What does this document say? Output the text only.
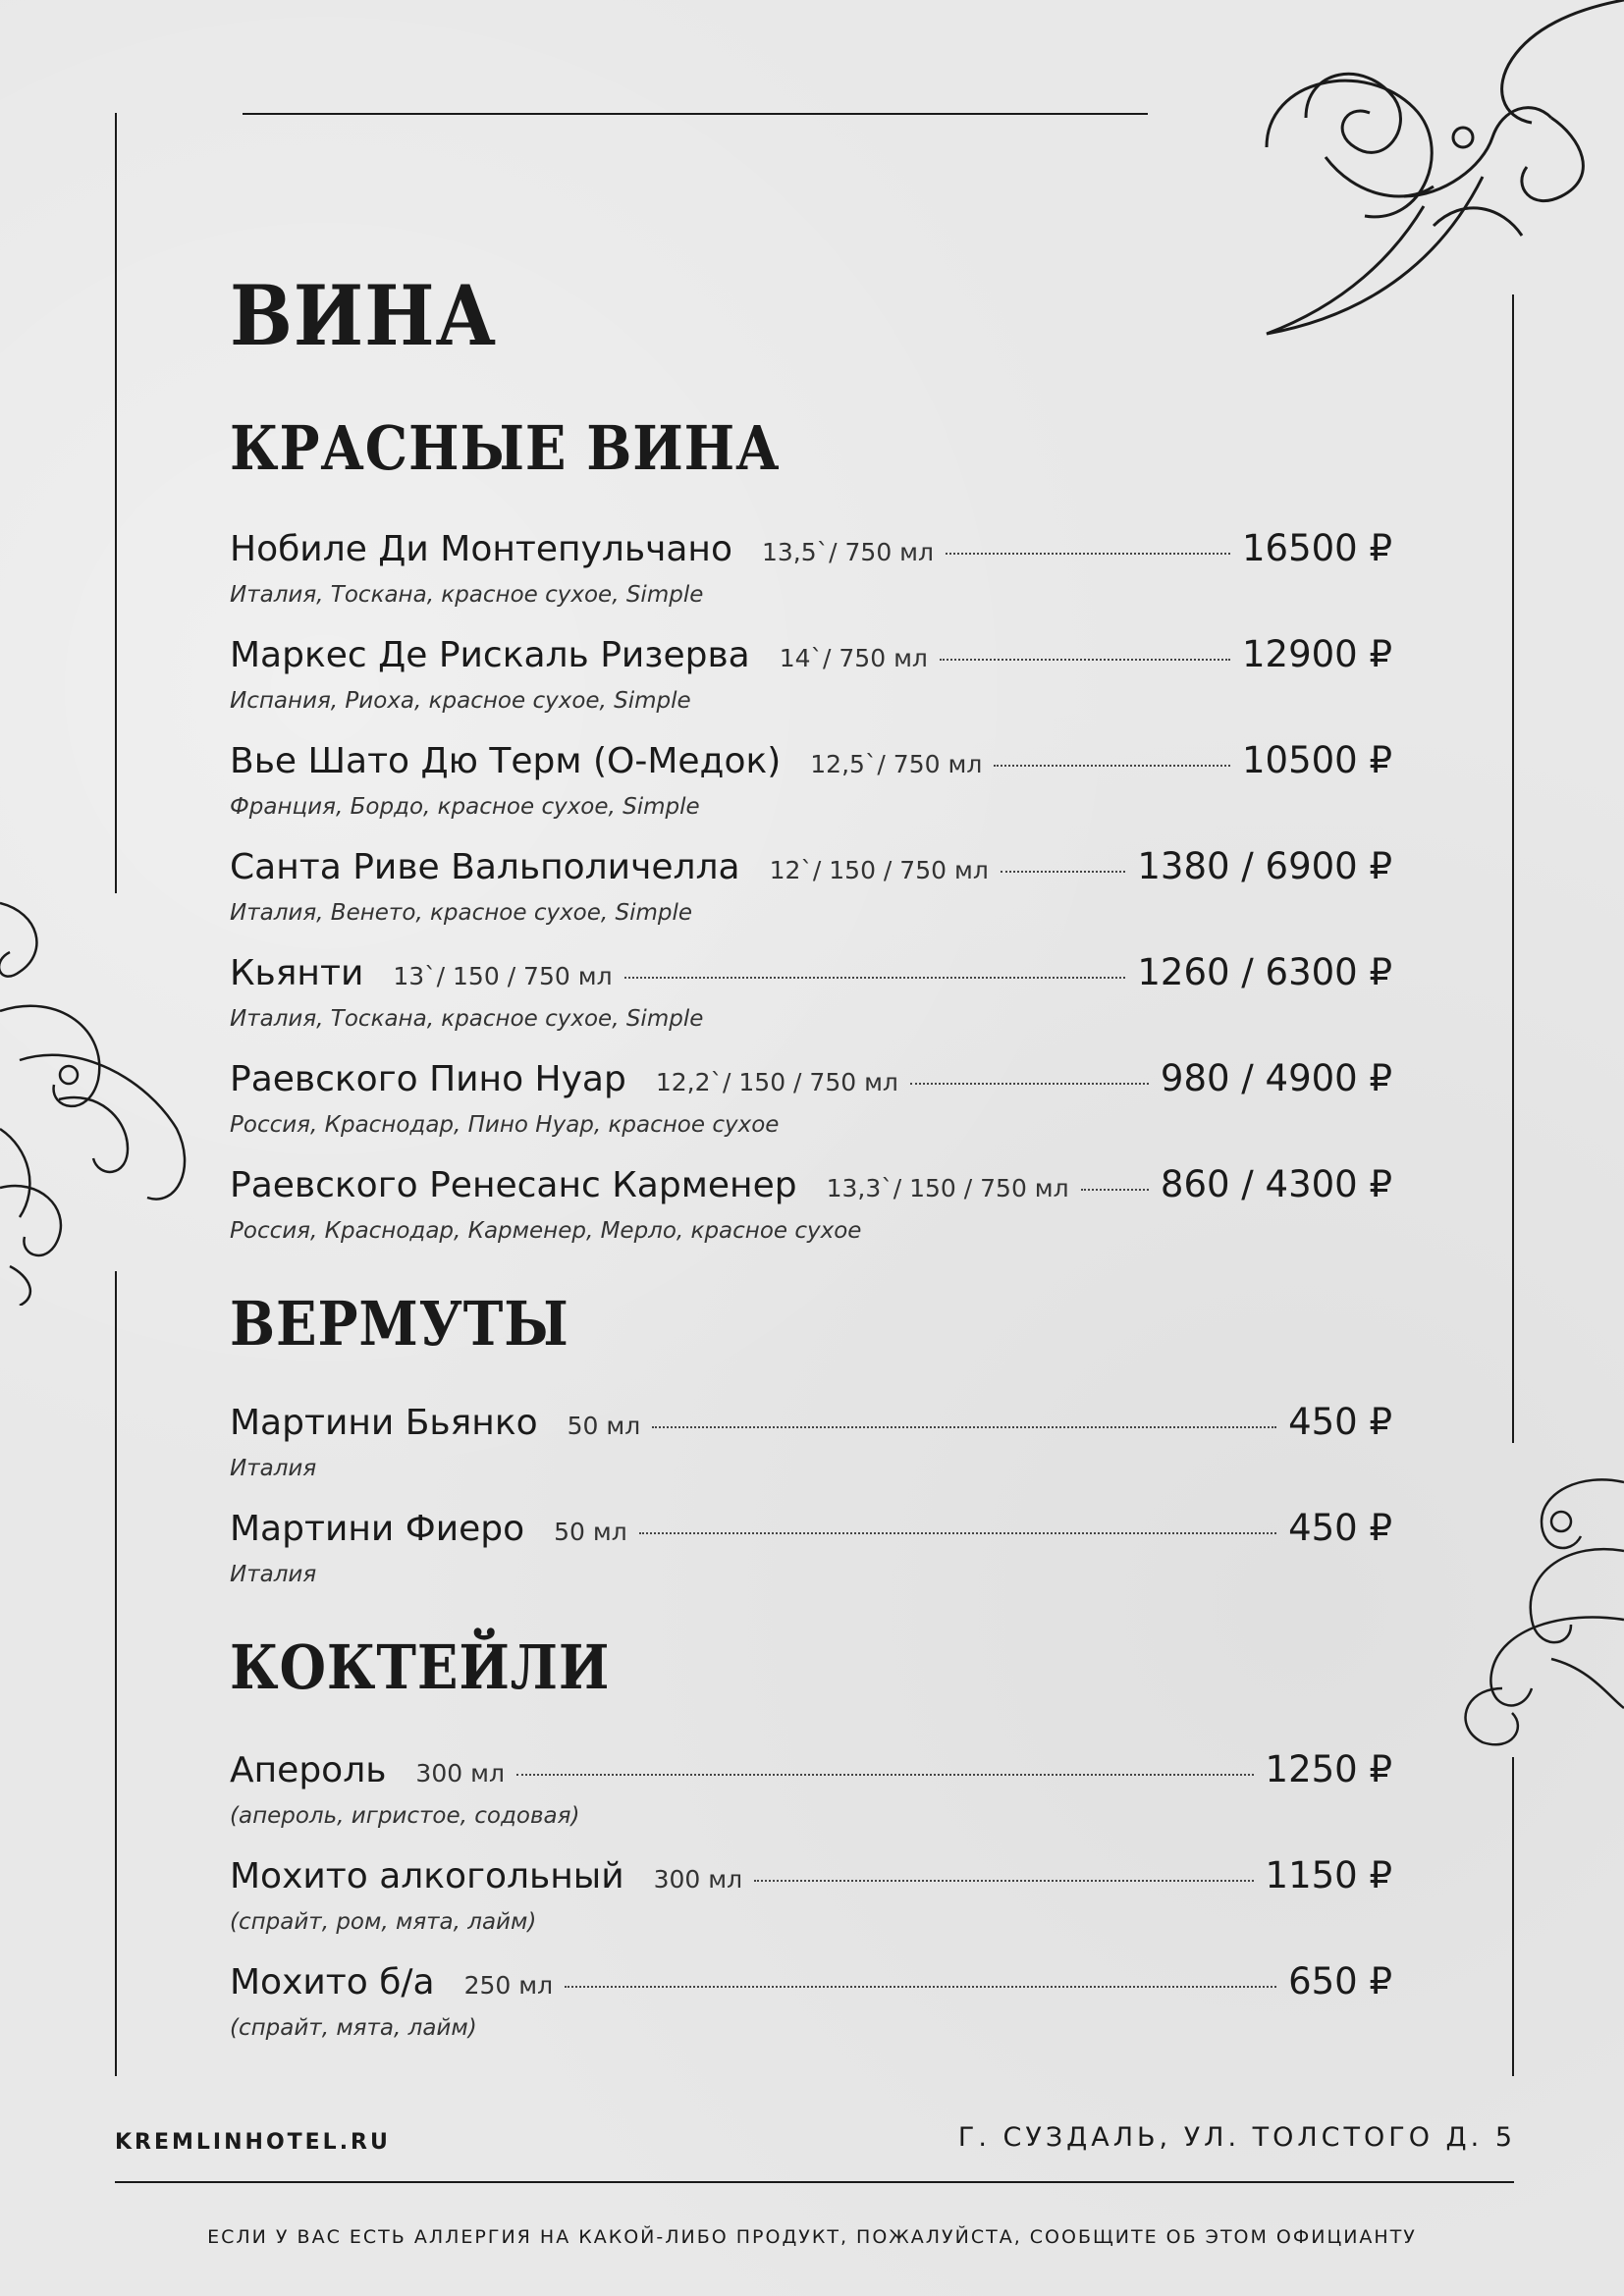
ВИНА
КРАСНЫЕ ВИНА
Нобиле Ди Монтепульчано 13,5`/ 750 мл	16500 ₽
Италия, Тоскана, красное сухое, Simple
Маркес Де Рискаль Ризерва 14`/ 750 мл	12900 ₽
Испания, Риоха, красное сухое, Simple
Вье Шато Дю Терм (О-Медок) 12,5`/ 750 мл	10500 ₽
Франция, Бордо, красное сухое, Simple
Санта Риве Вальполичелла 12`/ 150 / 750 мл	1380 / 6900 ₽
Италия, Венето, красное сухое, Simple
Кьянти 13`/ 150 / 750 мл	1260 / 6300 ₽
Италия, Тоскана, красное сухое, Simple
Раевского Пино Нуар 12,2`/ 150 / 750 мл	980 / 4900 ₽
Россия, Краснодар, Пино Нуар, красное сухое
Раевского Ренесанс Карменер 13,3`/ 150 / 750 мл	860 / 4300 ₽
Россия, Краснодар, Карменер, Мерло, красное сухое
ВЕРМУТЫ
Мартини Бьянко 50 мл	450 ₽
Италия
Мартини Фиеро 50 мл	450 ₽
Италия
КОКТЕЙЛИ
Апероль 300 мл	1250 ₽
(апероль, игристое, содовая)
Мохито алкогольный 300 мл	1150 ₽
(спрайт, ром, мята, лайм)
Мохито б/а 250 мл	650 ₽
(спрайт, мята, лайм)
KREMLINHOTEL.RU	Г. СУЗДАЛЬ, УЛ. ТОЛСТОГО Д. 5
ЕСЛИ У ВАС ЕСТЬ АЛЛЕРГИЯ НА КАКОЙ-ЛИБО ПРОДУКТ, ПОЖАЛУЙСТА, СООБЩИТЕ ОБ ЭТОМ ОФИЦИАНТУ
